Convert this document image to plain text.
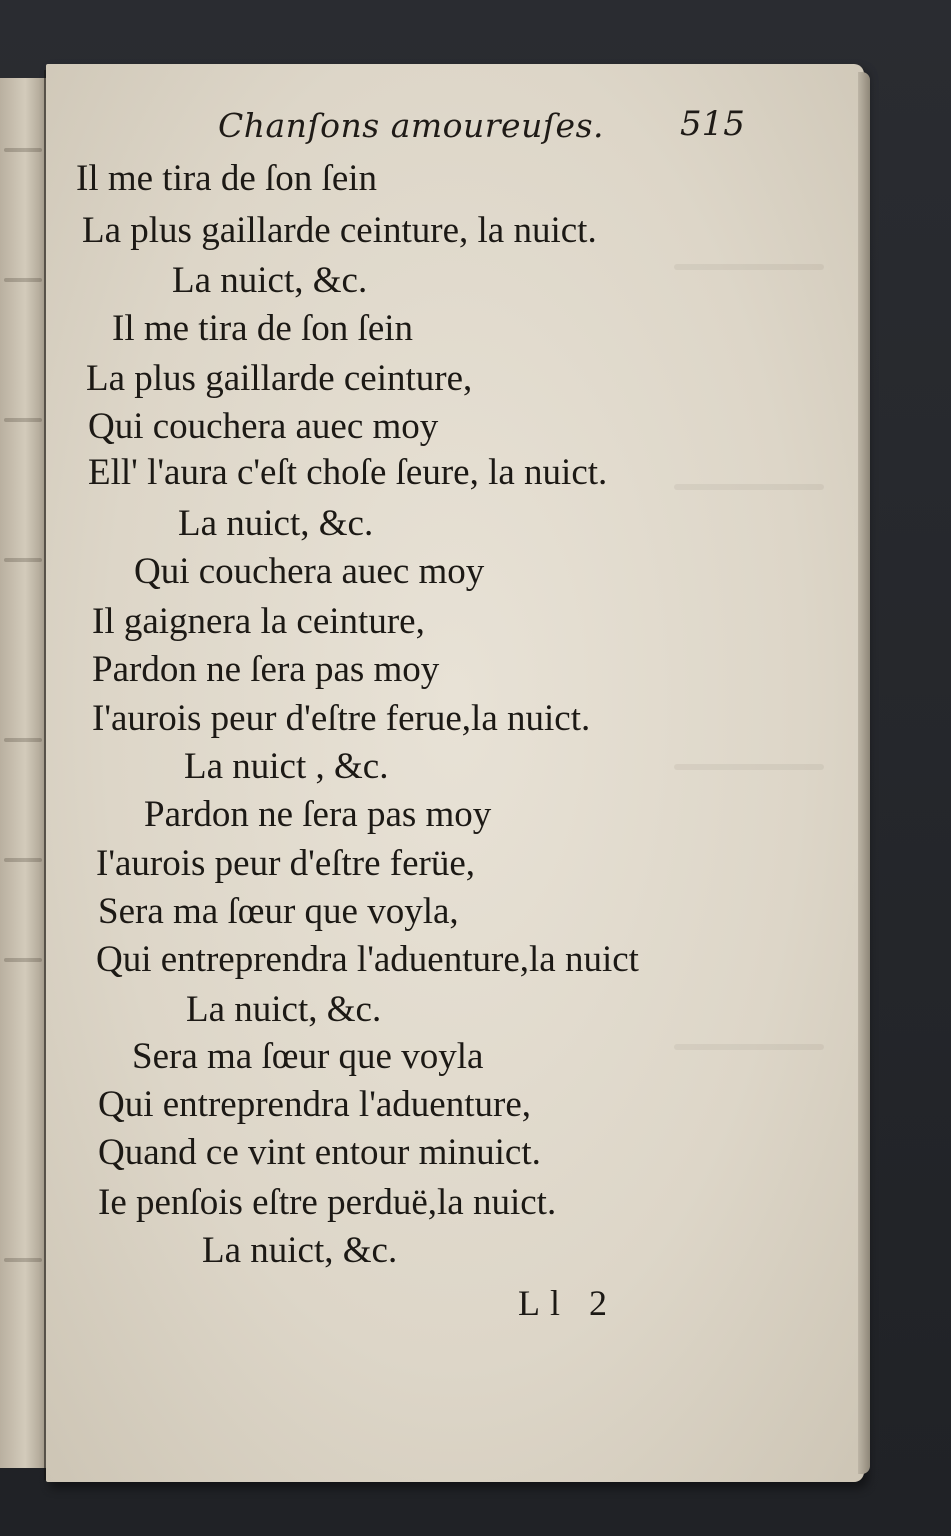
Chanſons amoureuſes. 515
Il me tira de ſon ſein
La plus gaillarde ceinture, la nuict.
La nuict, &c.
Il me tira de ſon ſein
La plus gaillarde ceinture,
Qui couchera auec moy
Ell' l'aura c'eſt choſe ſeure, la nuict.
La nuict, &c.
Qui couchera auec moy
Il gaignera la ceinture,
Pardon ne ſera pas moy
I'aurois peur d'eſtre ferue,la nuict.
La nuict , &c.
Pardon ne ſera pas moy
I'aurois peur d'eſtre ferüe,
Sera ma ſœur que voyla,
Qui entreprendra l'aduenture,la nuict
La nuict, &c.
Sera ma ſœur que voyla
Qui entreprendra l'aduenture,
Quand ce vint entour minuict.
Ie penſois eſtre perduë,la nuict.
La nuict, &c.
Ll 2
